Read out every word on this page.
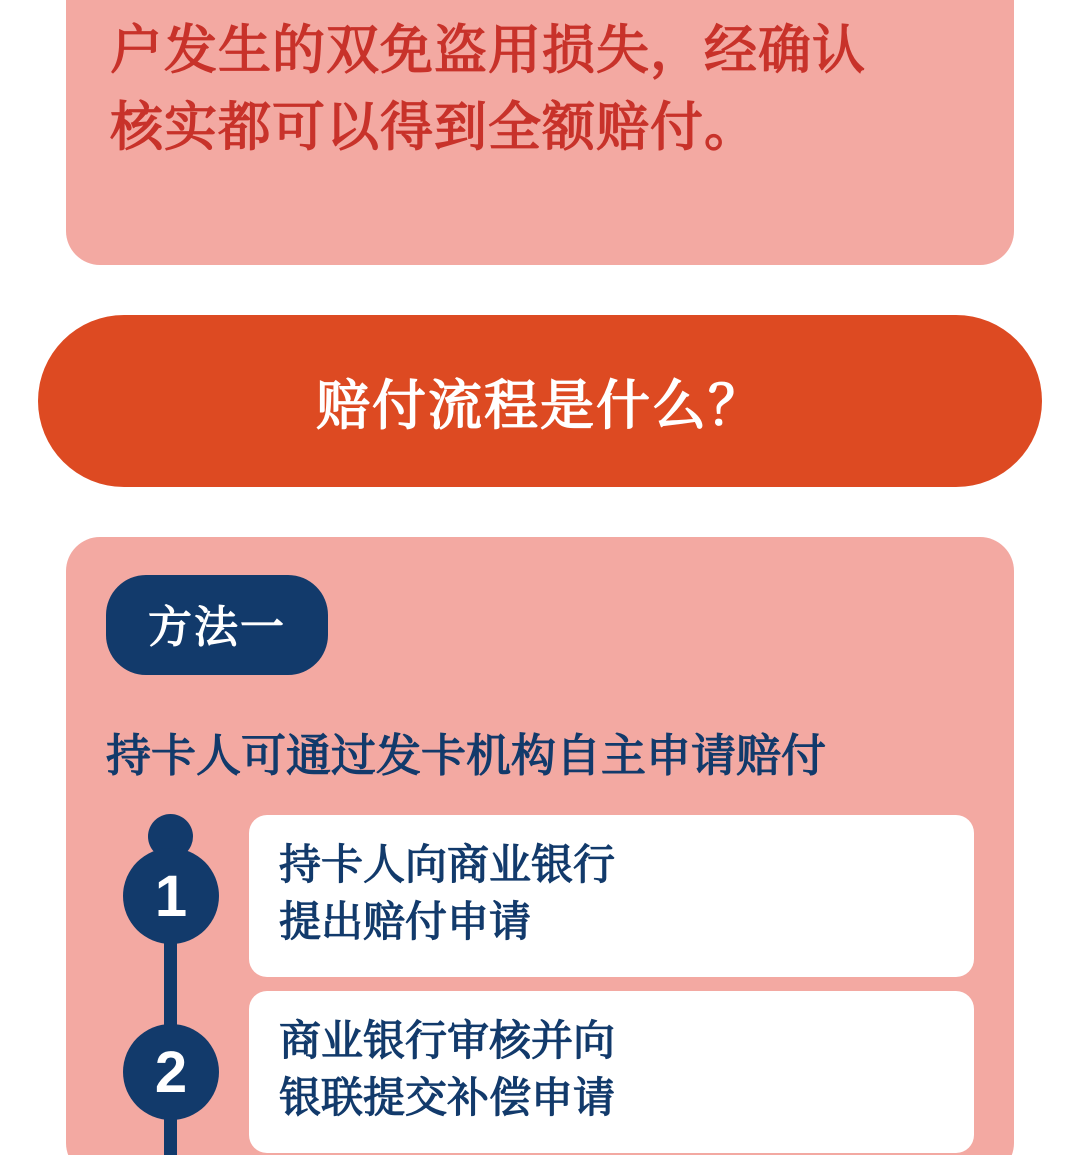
户发生的双免盗用损失，经确认

核实都可以得到全额赔付。

赔付流程是什么？
方法一
持卡人可通过发卡机构自主申请赔付
1	持卡人向商业银行
提出赔付申请
2	商业银行审核并向
银联提交补偿申请
